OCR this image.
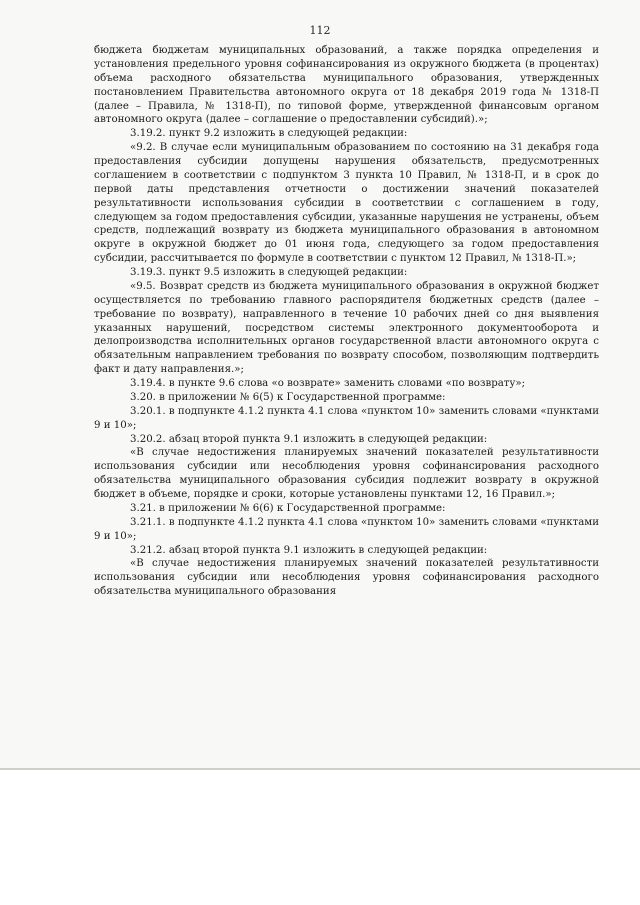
112

бюджета бюджетам муниципальных образований, а также порядка определения и установления предельного уровня софинансирования из окружного бюджета (в процентах) объема расходного обязательства муниципального образования, утвержденных постановлением Правительства автономного округа от 18 декабря 2019 года № 1318-П (далее – Правила, № 1318-П), по типовой форме, утвержденной финансовым органом автономного округа (далее – соглашение о предоставлении субсидий).»;

3.19.2. пункт 9.2 изложить в следующей редакции:

«9.2. В случае если муниципальным образованием по состоянию на 31 декабря года предоставления субсидии допущены нарушения обязательств, предусмотренных соглашением в соответствии с подпунктом 3 пункта 10 Правил, № 1318-П, и в срок до первой даты представления отчетности о достижении значений показателей результативности использования субсидии в соответствии с соглашением в году, следующем за годом предоставления субсидии, указанные нарушения не устранены, объем средств, подлежащий возврату из бюджета муниципального образования в автономном округе в окружной бюджет до 01 июня года, следующего за годом предоставления субсидии, рассчитывается по формуле в соответствии с пунктом 12 Правил, № 1318-П.»;

3.19.3. пункт 9.5 изложить в следующей редакции:

«9.5. Возврат средств из бюджета муниципального образования в окружной бюджет осуществляется по требованию главного распорядителя бюджетных средств (далее – требование по возврату), направленного в течение 10 рабочих дней со дня выявления указанных нарушений, посредством системы электронного документооборота и делопроизводства исполнительных органов государственной власти автономного округа с обязательным направлением требования по возврату способом, позволяющим подтвердить факт и дату направления.»;

3.19.4. в пункте 9.6 слова «о возврате» заменить словами «по возврату»;

3.20. в приложении № 6(5) к Государственной программе:

3.20.1. в подпункте 4.1.2 пункта 4.1 слова «пунктом 10» заменить словами «пунктами 9 и 10»;

3.20.2. абзац второй пункта 9.1 изложить в следующей редакции:

«В случае недостижения планируемых значений показателей результативности использования субсидии или несоблюдения уровня софинансирования расходного обязательства муниципального образования субсидия подлежит возврату в окружной бюджет в объеме, порядке и сроки, которые установлены пунктами 12, 16 Правил.»;

3.21. в приложении № 6(6) к Государственной программе:

3.21.1. в подпункте 4.1.2 пункта 4.1 слова «пунктом 10» заменить словами «пунктами 9 и 10»;

3.21.2. абзац второй пункта 9.1 изложить в следующей редакции:

«В случае недостижения планируемых значений показателей результативности использования субсидии или несоблюдения уровня софинансирования расходного обязательства муниципального образования
